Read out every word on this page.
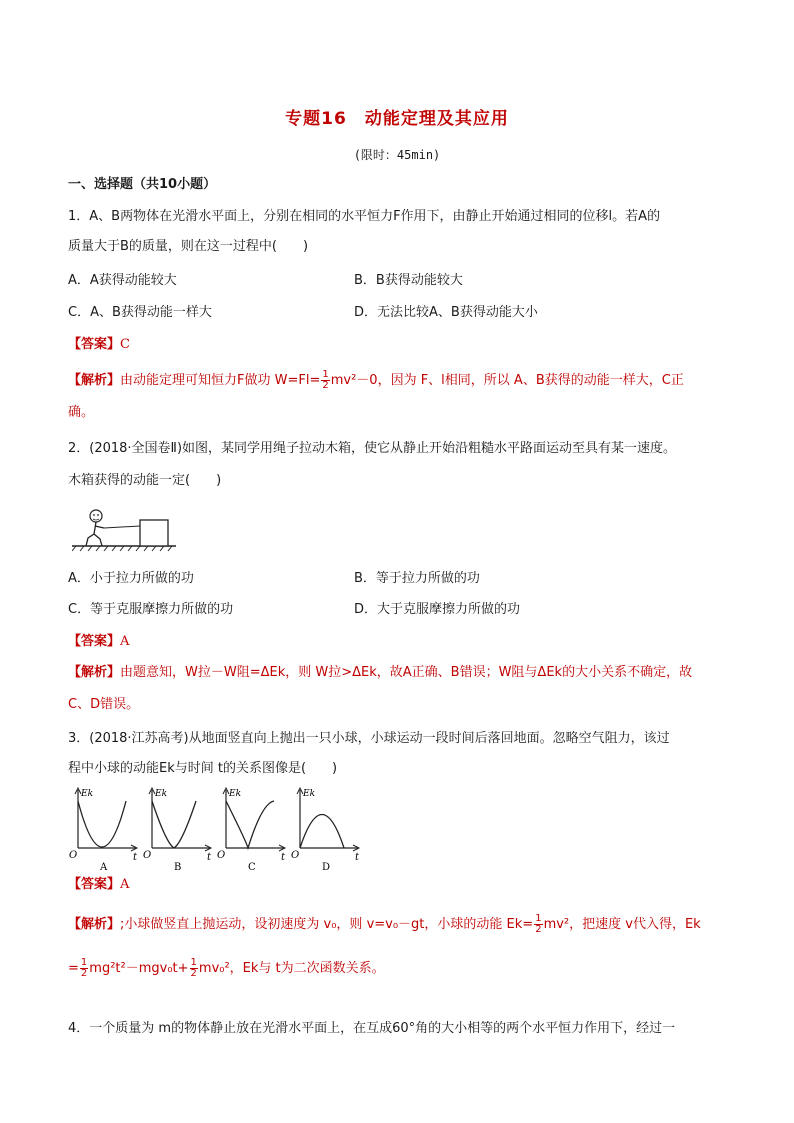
专题16 动能定理及其应用
(限时：45min)
一、选择题（共10小题）
1．A、B两物体在光滑水平面上，分别在相同的水平恒力F作用下，由静止开始通过相同的位移l。若A的
质量大于B的质量，则在这一过程中(　　)
A．A获得动能较大	B．B获得动能较大
C．A、B获得动能一样大	D．无法比较A、B获得动能大小
【答案】C
【解析】由动能定理可知恒力F做功 $W=Fl= \frac{1}{2} mv^2-0$，因为 F、l相同，所以 A、B获得的动能一样大，C正
确。
2．(2018·全国卷Ⅱ)如图，某同学用绳子拉动木箱，使它从静止开始沿粗糙水平路面运动至具有某一速度。
木箱获得的动能一定(　　)
A．小于拉力所做的功	B．等于拉力所做的功
C．等于克服摩擦力所做的功	D．大于克服摩擦力所做的功
【答案】A
【解析】由题意知，W拉－W阻=ΔEk，则 W拉>ΔEk，故A正确、B错误；W阻与ΔEk的大小关系不确定，故
C、D错误。
3．(2018·江苏高考)从地面竖直向上抛出一只小球，小球运动一段时间后落回地面。忽略空气阻力，该过
程中小球的动能Ek与时间 t的关系图像是(　　)
Ek
t
O
A
Ek
t
O
B
Ek
t
O
C
Ek
t
O
D
【答案】A
【解析】;小球做竖直上抛运动，设初速度为 v₀，则 v=v₀－gt，小球的动能 $Ek= \frac{1}{2} mv^2$，把速度 v代入得，Ek
= $\frac{1}{2} mg^2t^2-mgv_0t+ \frac{1}{2} mv_0^2$，Ek与 t为二次函数关系。
4．一个质量为 m的物体静止放在光滑水平面上，在互成60°角的大小相等的两个水平恒力作用下，经过一
